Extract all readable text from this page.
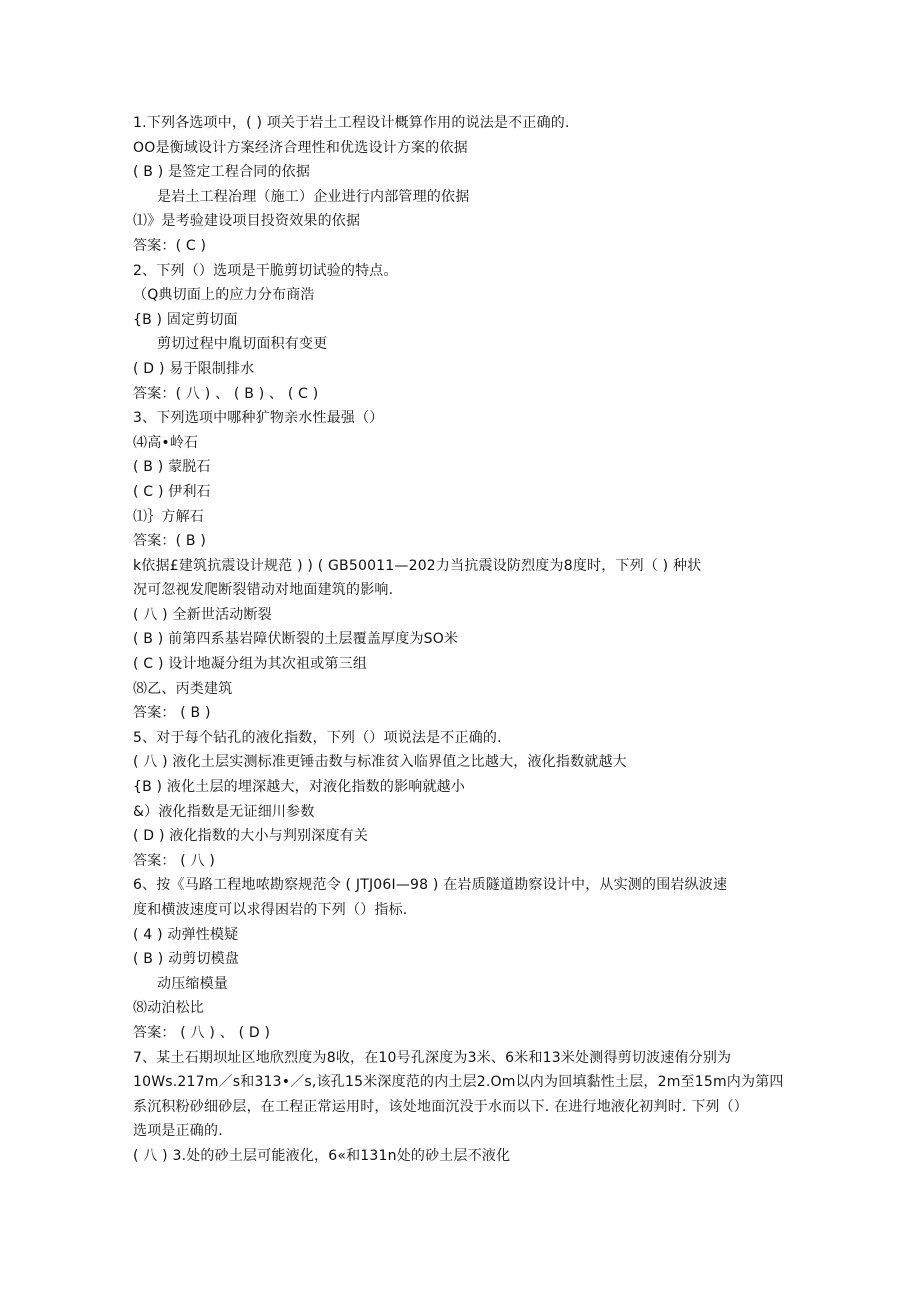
1.下列各选项中，( ) 项关于岩土工程设计概算作用的说法是不正确的.
OO是衡域设计方案经济合理性和优选设计方案的依据
( B ) 是签定工程合同的依据
是岩土工程冶理（施工）企业进行内部管理的依据
⑴》是考验建设项目投资效果的依据
答案：( C )
2、下列（）选项是干脆剪切试验的特点。
（Q典切面上的应力分布商浩
{B ) 固定剪切面
剪切过程中胤切面积有变更
( D ) 易于限制排水
答案：( 八 ) 、 ( B ) 、 ( C )
3、下列选项中哪种犷物亲水性最强（）
⑷高•岭石
( B ) 蒙脱石
( C ) 伊利石
⑴｝方解石
答案：( B )
k依据£建筑抗震设计规范 ) ) ( GB50011—202力当抗震设防烈度为8度时，下列（ ) 种状
况可忽视发爬断裂错动对地面建筑的影响.
( 八 ) 全新世活动断裂
( B ) 前第四系基岩障伏断裂的土层覆盖厚度为SO米
( C ) 设计地凝分组为其次祖或第三组
⑻乙、丙类建筑
答案： ( B )
5、对于每个钻孔的液化指数，下列（）项说法是不正确的.
( 八 ) 液化土层实测标准更锤击数与标准贫入临界值之比越大，液化指数就越大
{B ) 液化土层的埋深越大，对液化指数的影响就越小
&）液化指数是无证细川参数
( D ) 液化指数的大小与判别深度有关
答案： ( 八 )
6、按《马路工程地哝勘察规范令 ( JTJ06I—98 ) 在岩质隧道勘察设计中，从实测的围岩纵波速
度和横波速度可以求得困岩的下列（）指标.
( 4 ) 动弹性模疑
( B ) 动剪切模盘
动压缩模量
⑻动泊松比
答案： ( 八 ) 、 ( D )
7、某土石期坝址区地欣烈度为8收，在10号孔深度为3米、6米和13米处测得剪切波速侑分别为
10Ws.217m／s和313•／s,该孔15米深度范的内土层2.Om以内为回填黏性土层，2m至15m内为第四
系沉积粉砂细砂层，在工程正常运用时，该处地面沉没于水而以下. 在进行地液化初判时. 下列（）
选项是正确的.
( 八 ) 3.处的砂土层可能液化，6«和131n处的砂土层不液化
